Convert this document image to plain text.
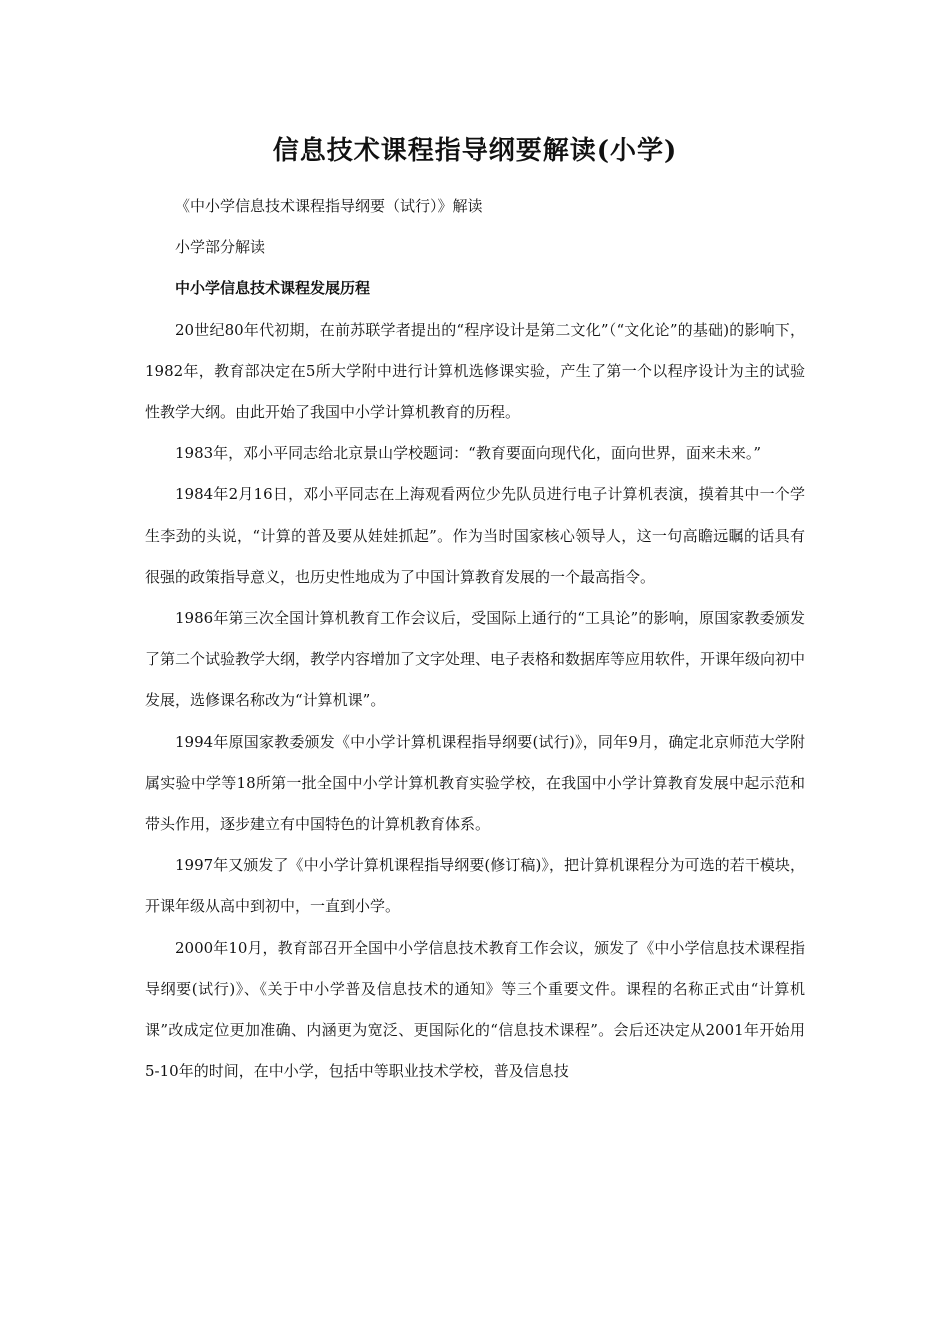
信息技术课程指导纲要解读(小学)

《中小学信息技术课程指导纲要（试行）》解读

小学部分解读

中小学信息技术课程发展历程

20世纪80年代初期，在前苏联学者提出的“程序设计是第二文化”（“文化论”的基础)的影响下，1982年，教育部决定在5所大学附中进行计算机选修课实验，产生了第一个以程序设计为主的试验性教学大纲。由此开始了我国中小学计算机教育的历程。

1983年，邓小平同志给北京景山学校题词：“教育要面向现代化，面向世界，面来未来。”

1984年2月16日，邓小平同志在上海观看两位少先队员进行电子计算机表演，摸着其中一个学生李劲的头说，“计算的普及要从娃娃抓起”。作为当时国家核心领导人，这一句高瞻远瞩的话具有很强的政策指导意义，也历史性地成为了中国计算教育发展的一个最高指令。

1986年第三次全国计算机教育工作会议后，受国际上通行的“工具论”的影响，原国家教委颁发了第二个试验教学大纲，教学内容增加了文字处理、电子表格和数据库等应用软件，开课年级向初中发展，选修课名称改为“计算机课”。

1994年原国家教委颁发《中小学计算机课程指导纲要(试行)》，同年9月，确定北京师范大学附属实验中学等18所第一批全国中小学计算机教育实验学校，在我国中小学计算教育发展中起示范和带头作用，逐步建立有中国特色的计算机教育体系。

1997年又颁发了《中小学计算机课程指导纲要(修订稿)》，把计算机课程分为可选的若干模块，开课年级从高中到初中，一直到小学。

2000年10月，教育部召开全国中小学信息技术教育工作会议，颁发了《中小学信息技术课程指导纲要(试行)》、《关于中小学普及信息技术的通知》等三个重要文件。课程的名称正式由“计算机课”改成定位更加准确、内涵更为宽泛、更国际化的“信息技术课程”。会后还决定从2001年开始用5-10年的时间，在中小学，包括中等职业技术学校，普及信息技
